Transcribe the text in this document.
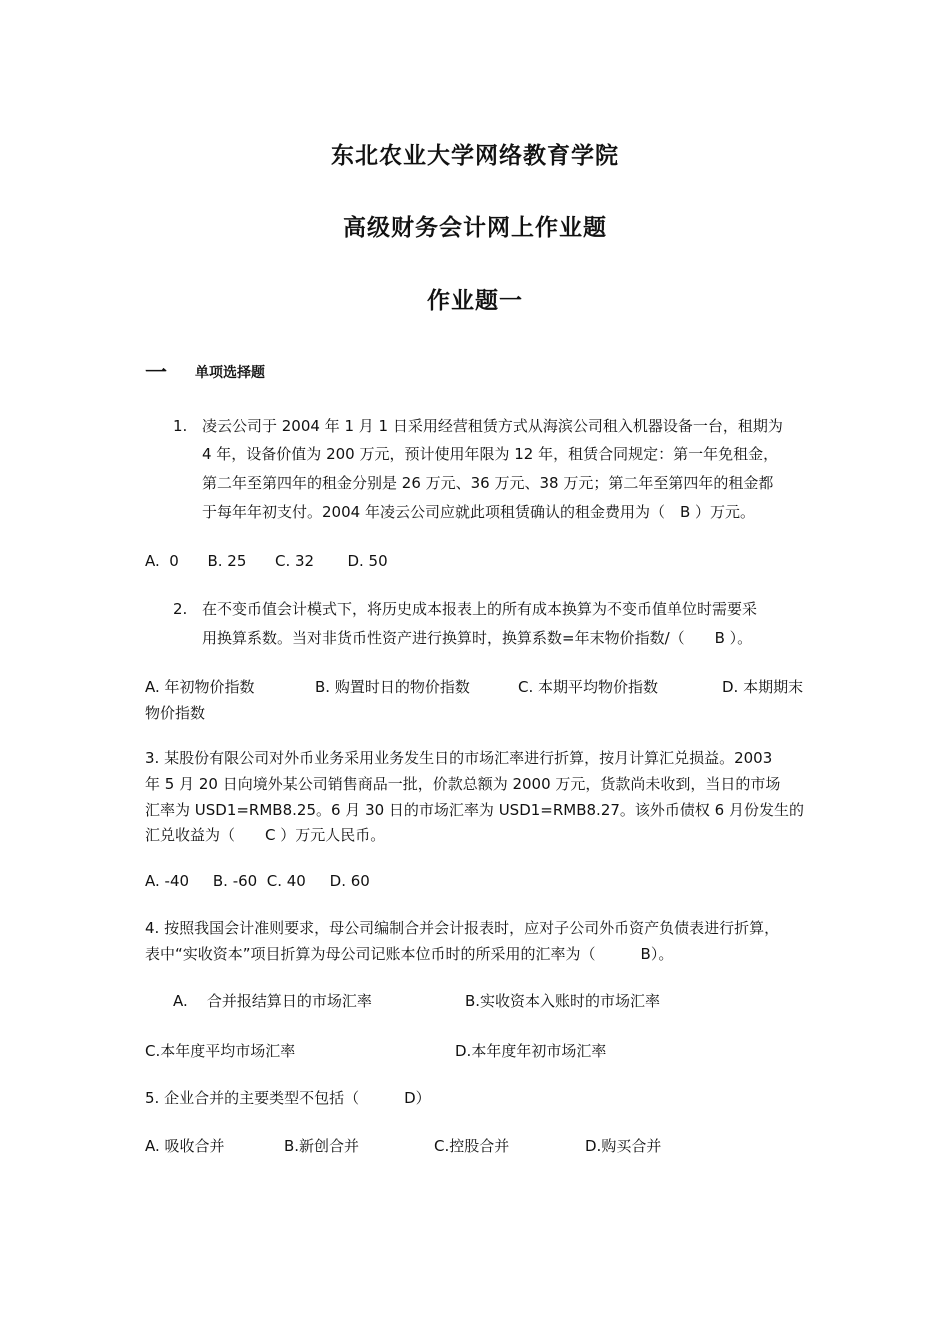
东北农业大学网络教育学院
高级财务会计网上作业题
作业题一
一 单项选择题
1. 凌云公司于 2004 年 1 月 1 日采用经营租赁方式从海滨公司租入机器设备一台，租期为
4 年，设备价值为 200 万元，预计使用年限为 12 年，租赁合同规定：第一年免租金，
第二年至第四年的租金分别是 26 万元、36 万元、38 万元；第二年至第四年的租金都
于每年年初支付。2004 年凌云公司应就此项租赁确认的租金费用为（　B ）万元。
A.  0      B. 25      C. 32       D. 50
2. 在不变币值会计模式下，将历史成本报表上的所有成本换算为不变币值单位时需要采
用换算系数。当对非货币性资产进行换算时，换算系数=年末物价指数/（　　B ）。
A. 年初物价指数	B. 购置时日的物价指数	C. 本期平均物价指数	D. 本期期末
物价指数
3. 某股份有限公司对外币业务采用业务发生日的市场汇率进行折算，按月计算汇兑损益。2003
年 5 月 20 日向境外某公司销售商品一批，价款总额为 2000 万元，货款尚未收到，当日的市场
汇率为 USD1=RMB8.25。6 月 30 日的市场汇率为 USD1=RMB8.27。该外币债权 6 月份发生的
汇兑收益为（　　C ）万元人民币。
A. -40     B. -60  C. 40     D. 60
4. 按照我国会计准则要求，母公司编制合并会计报表时，应对子公司外币资产负债表进行折算，
表中“实收资本”项目折算为母公司记账本位币时的所采用的汇率为（　　　B）。
A.    合并报结算日的市场汇率	B.实收资本入账时的市场汇率
C.本年度平均市场汇率	D.本年度年初市场汇率
5. 企业合并的主要类型不包括（　　　D）
A. 吸收合并	B.新创合并	C.控股合并	D.购买合并
